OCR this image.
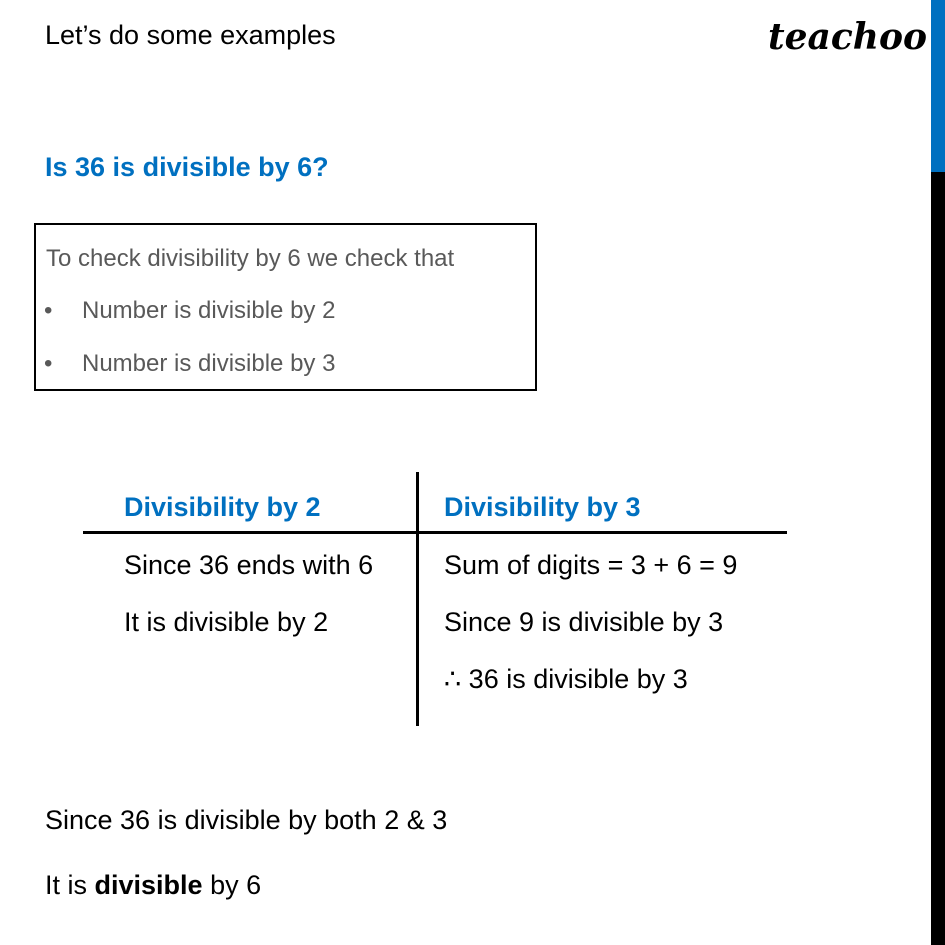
Let’s do some examples	teachoo
Is 36 is divisible by 6?
To check divisibility by 6 we check that
• Number is divisible by 2
• Number is divisible by 3
Divisibility by 2	Divisibility by 3
Since 36 ends with 6
It is divisible by 2
Sum of digits = 3 + 6 = 9
Since 9 is divisible by 3
∴ 36 is divisible by 3
Since 36 is divisible by both 2 & 3
It is divisible by 6
